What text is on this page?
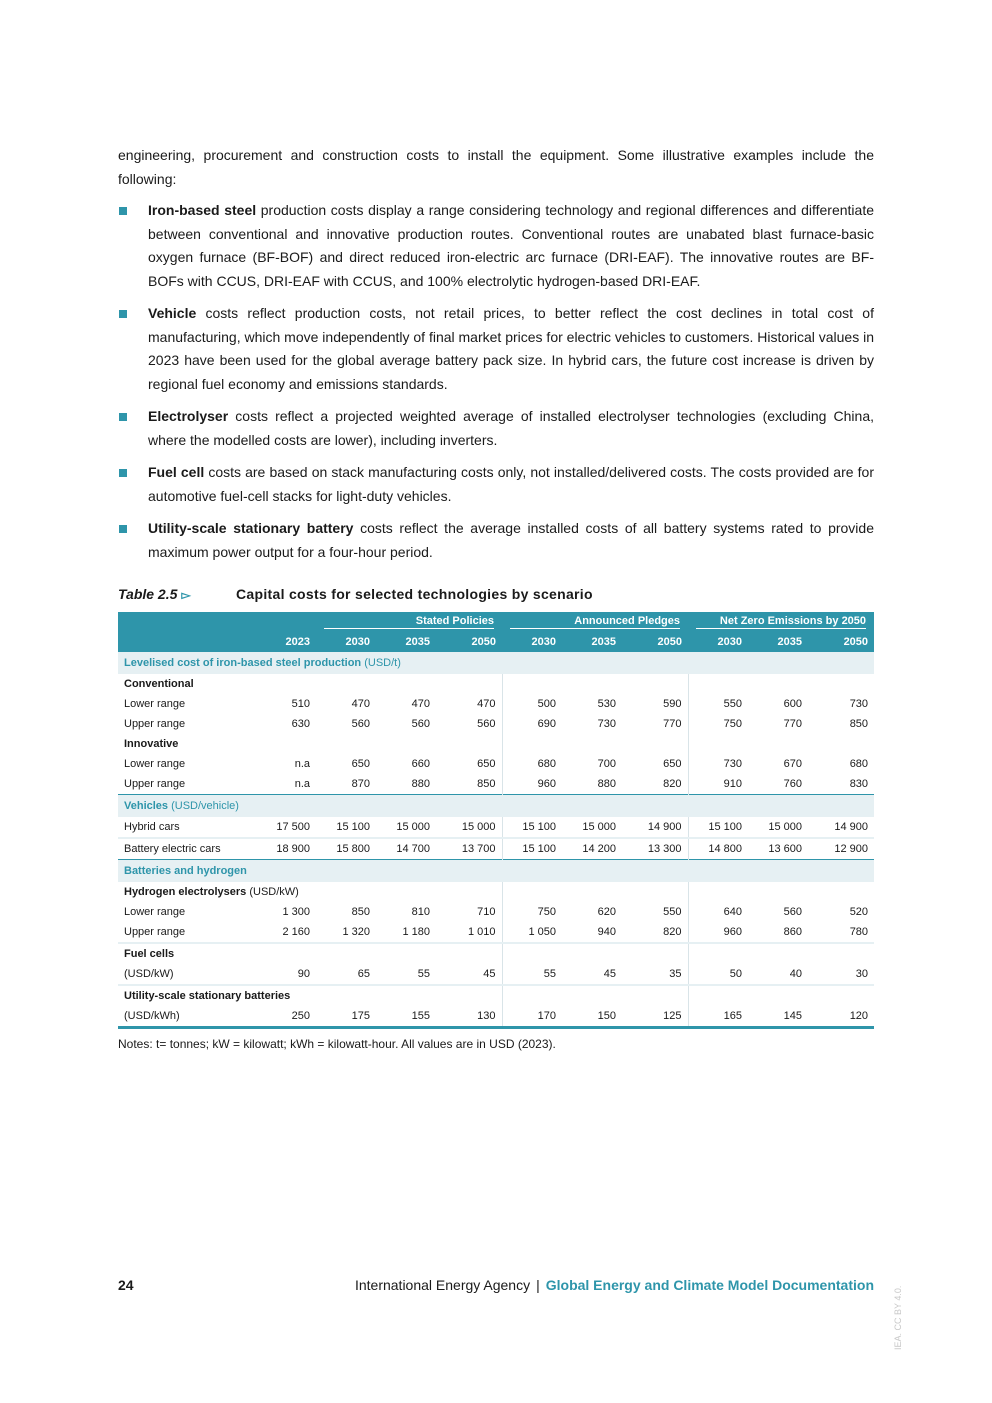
engineering, procurement and construction costs to install the equipment. Some illustrative examples include the following:

Iron-based steel production costs display a range considering technology and regional differences and differentiate between conventional and innovative production routes. Conventional routes are unabated blast furnace-basic oxygen furnace (BF-BOF) and direct reduced iron-electric arc furnace (DRI-EAF). The innovative routes are BF-BOFs with CCUS, DRI-EAF with CCUS, and 100% electrolytic hydrogen-based DRI-EAF.
Vehicle costs reflect production costs, not retail prices, to better reflect the cost declines in total cost of manufacturing, which move independently of final market prices for electric vehicles to customers. Historical values in 2023 have been used for the global average battery pack size. In hybrid cars, the future cost increase is driven by regional fuel economy and emissions standards.
Electrolyser costs reflect a projected weighted average of installed electrolyser technologies (excluding China, where the modelled costs are lower), including inverters.
Fuel cell costs are based on stack manufacturing costs only, not installed/delivered costs. The costs provided are for automotive fuel-cell stacks for light-duty vehicles.
Utility-scale stationary battery costs reflect the average installed costs of all battery systems rated to provide maximum power output for a four-hour period.
Table 2.5 ▻	Capital costs for selected technologies by scenario

		Stated Policies			Announced Pledges			Net Zero Emissions by 2050		

	2023	2030	2035	2050	2030	2035	2050	2030	2035	2050
Levelised cost of iron-based steel production (USD/t)										
Conventional										
Lower range	510	470	470	470	500	530	590	550	600	730
Upper range	630	560	560	560	690	730	770	750	770	850
Innovative										
Lower range	n.a	650	660	650	680	700	650	730	670	680
Upper range	n.a	870	880	850	960	880	820	910	760	830
Vehicles (USD/vehicle)										
Hybrid cars	17 500	15 100	15 000	15 000	15 100	15 000	14 900	15 100	15 000	14 900
Battery electric cars	18 900	15 800	14 700	13 700	15 100	14 200	13 300	14 800	13 600	12 900
Batteries and hydrogen										
Hydrogen electrolysers (USD/kW)										
Lower range	1 300	850	810	710	750	620	550	640	560	520
Upper range	2 160	1 320	1 180	1 010	1 050	940	820	960	860	780
Fuel cells										
(USD/kW)	90	65	55	45	55	45	35	50	40	30
Utility-scale stationary batteries										
(USD/kWh)	250	175	155	130	170	150	125	165	145	120
Notes: t= tonnes; kW = kilowatt; kWh = kilowatt-hour. All values are in USD (2023).
24	International Energy Agency | Global Energy and Climate Model Documentation
IEA. CC BY 4.0.
